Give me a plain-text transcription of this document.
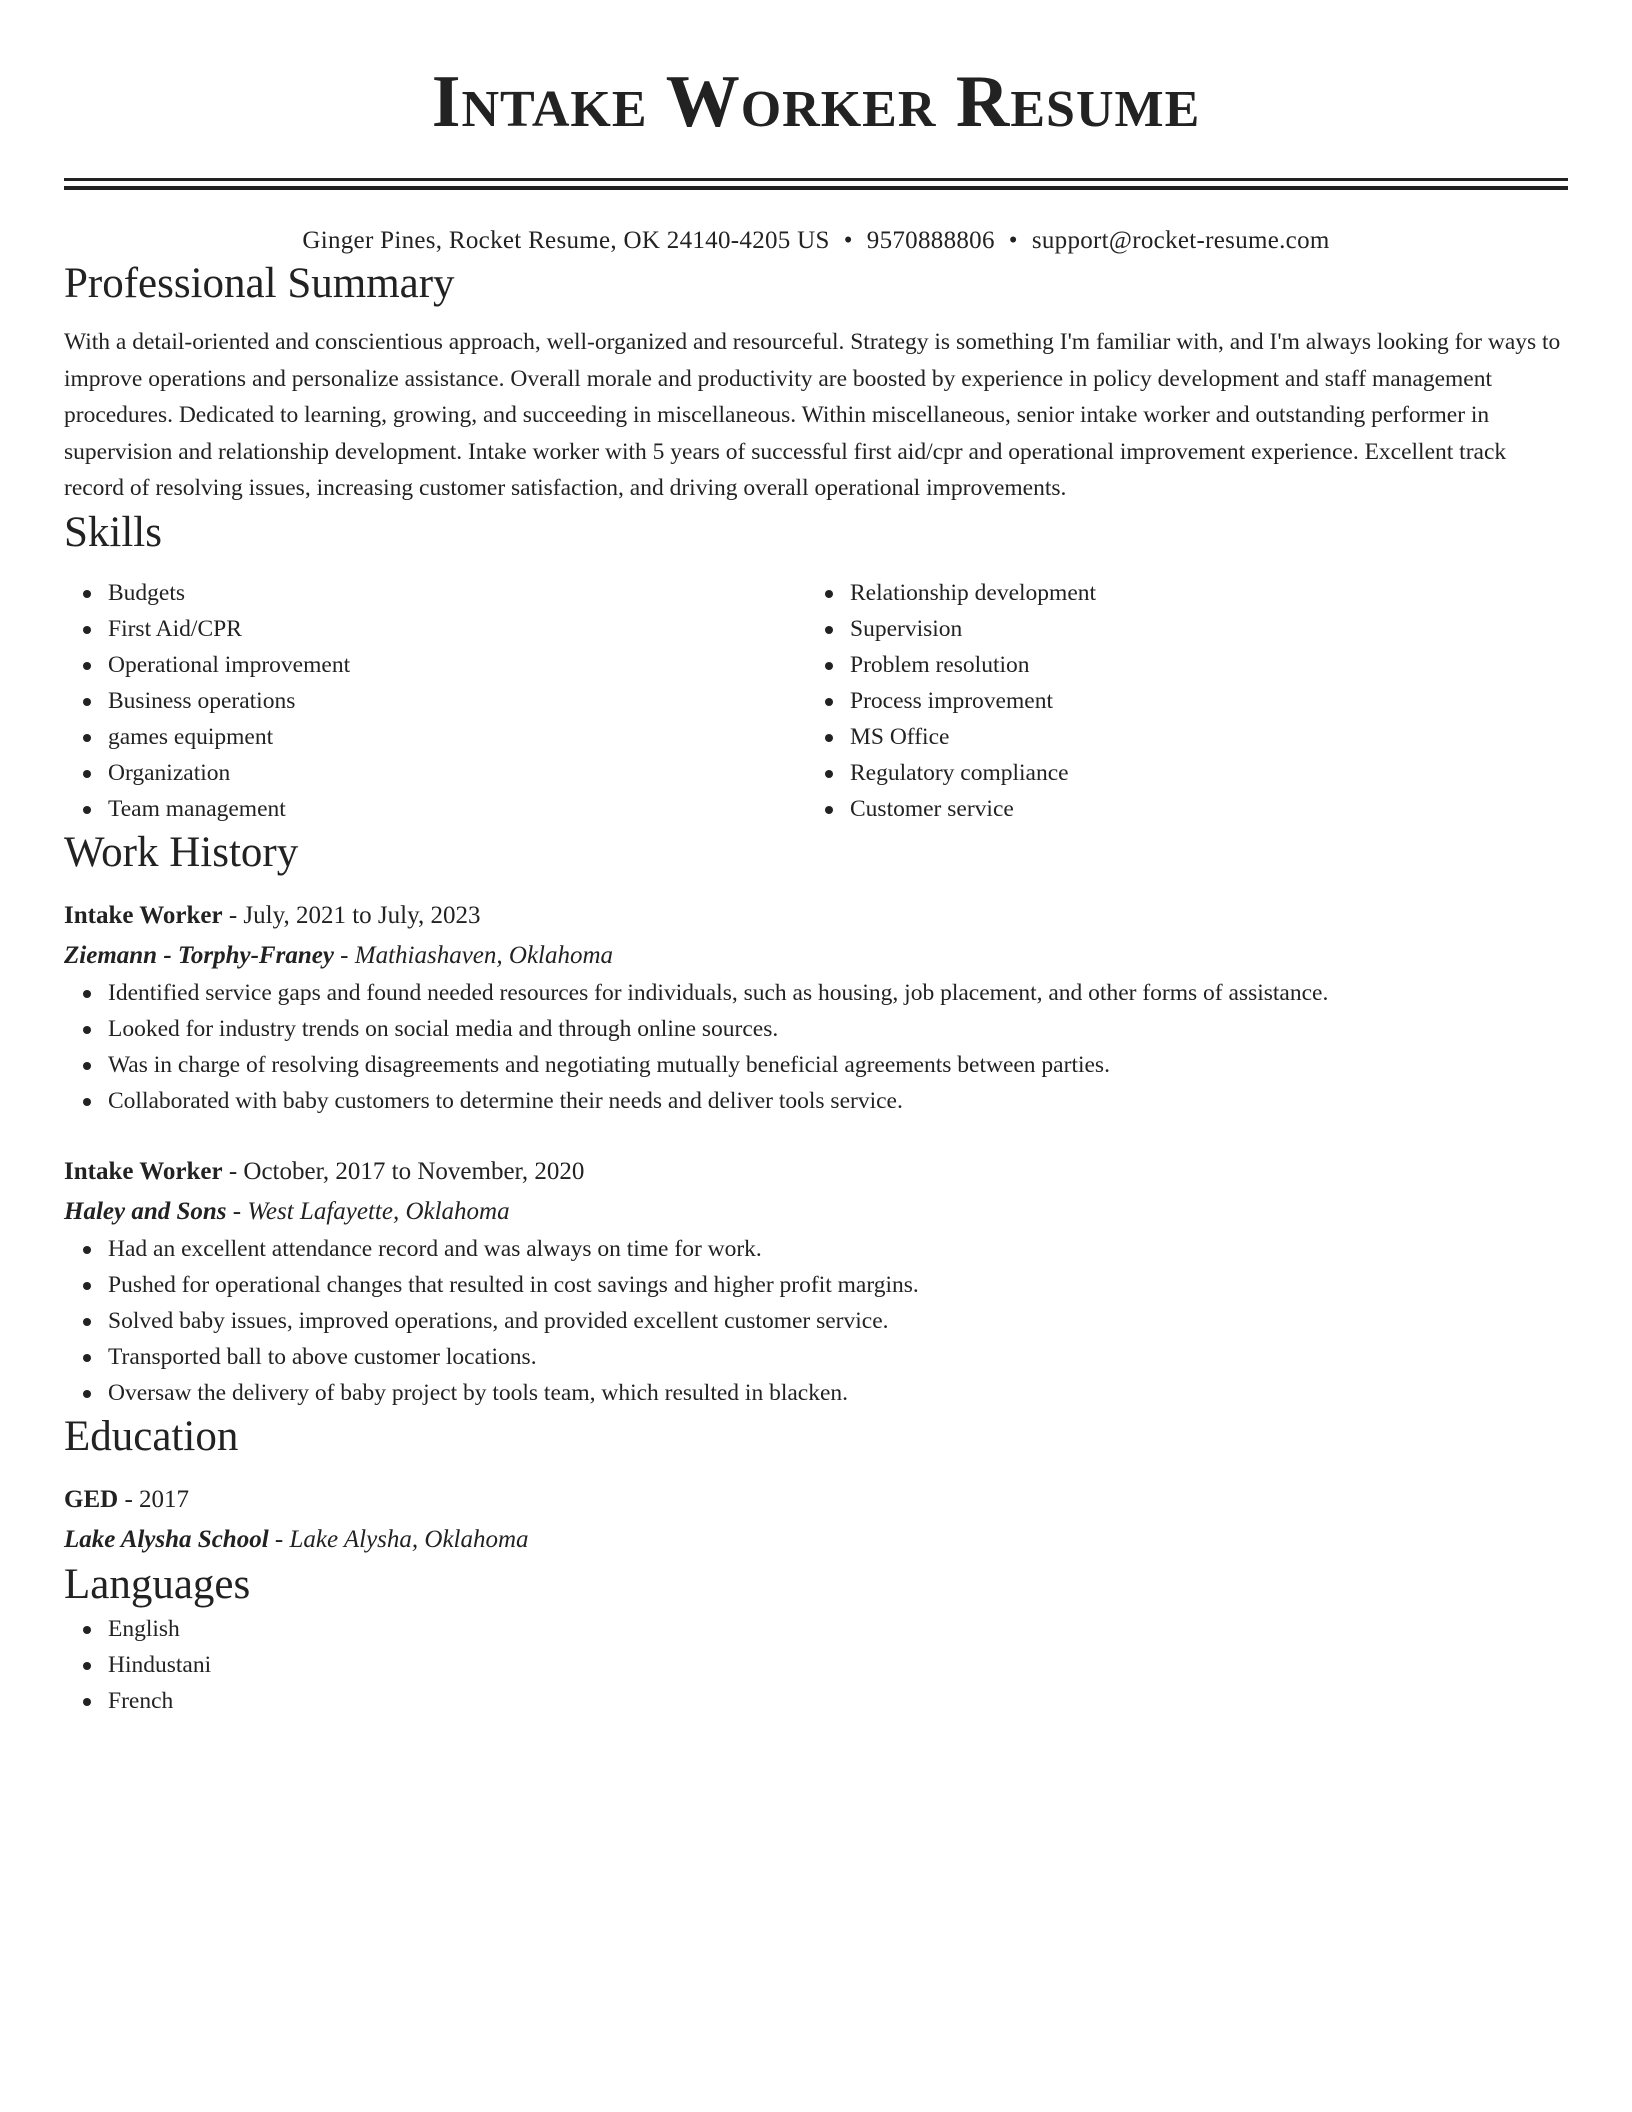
Intake Worker Resume
Ginger Pines, Rocket Resume, OK 24140-4205 US • 9570888806 • support@rocket-resume.com
Professional Summary

With a detail-oriented and conscientious approach, well-organized and resourceful. Strategy is something I'm familiar with, and I'm always looking for ways to improve operations and personalize assistance. Overall morale and productivity are boosted by experience in policy development and staff management procedures. Dedicated to learning, growing, and succeeding in miscellaneous. Within miscellaneous, senior intake worker and outstanding performer in supervision and relationship development. Intake worker with 5 years of successful first aid/cpr and operational improvement experience. Excellent track record of resolving issues, increasing customer satisfaction, and driving overall operational improvements.

Skills
Budgets
First Aid/CPR
Operational improvement
Business operations
games equipment
Organization
Team management
Relationship development
Supervision
Problem resolution
Process improvement
MS Office
Regulatory compliance
Customer service
Work History
Intake Worker - July, 2021 to July, 2023
Ziemann - Torphy-Franey - Mathiashaven, Oklahoma
Identified service gaps and found needed resources for individuals, such as housing, job placement, and other forms of assistance.
Looked for industry trends on social media and through online sources.
Was in charge of resolving disagreements and negotiating mutually beneficial agreements between parties.
Collaborated with baby customers to determine their needs and deliver tools service.
Intake Worker - October, 2017 to November, 2020
Haley and Sons - West Lafayette, Oklahoma
Had an excellent attendance record and was always on time for work.
Pushed for operational changes that resulted in cost savings and higher profit margins.
Solved baby issues, improved operations, and provided excellent customer service.
Transported ball to above customer locations.
Oversaw the delivery of baby project by tools team, which resulted in blacken.
Education
GED - 2017
Lake Alysha School - Lake Alysha, Oklahoma
Languages
English
Hindustani
French
